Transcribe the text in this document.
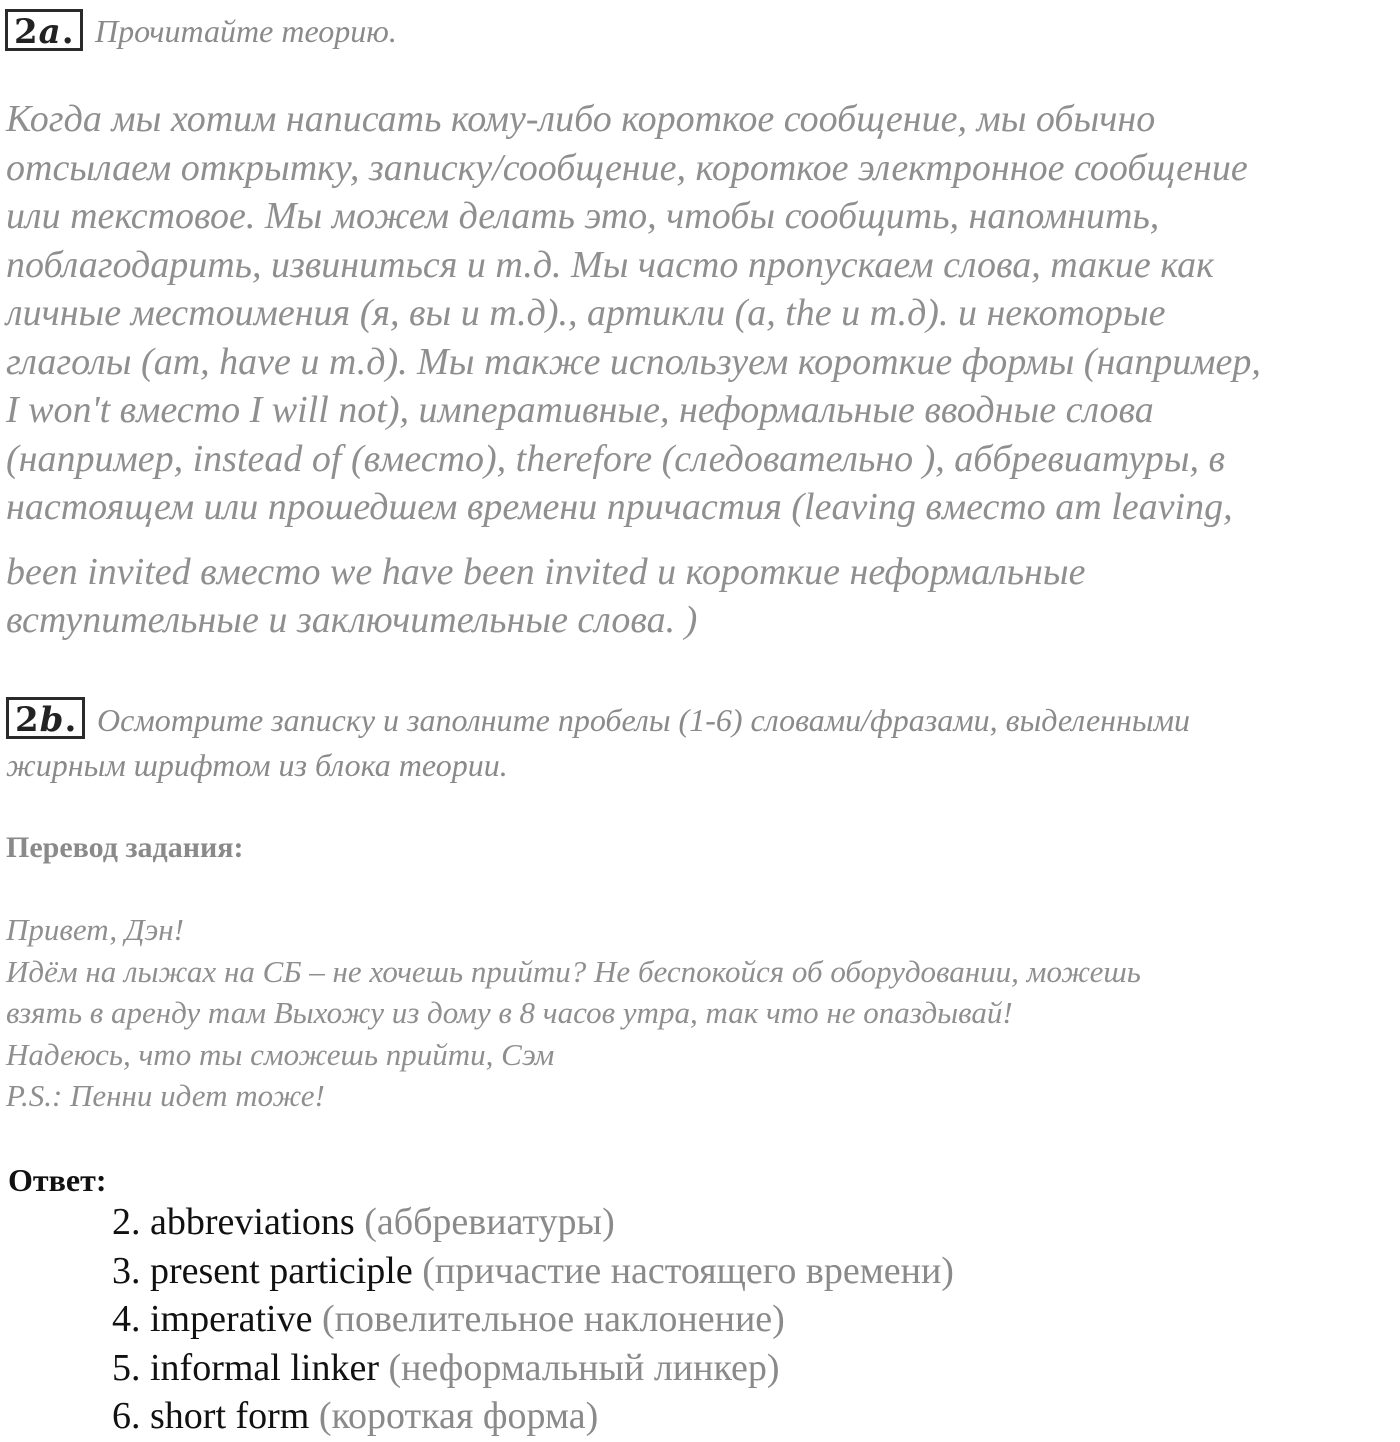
2a. Прочитайте теорию.
Когда мы хотим написать кому-либо короткое сообщение, мы обычно
отсылаем открытку, записку/сообщение, короткое электронное сообщение
или текстовое. Мы можем делать это, чтобы сообщить, напомнить,
поблагодарить, извиниться и т.д. Мы часто пропускаем слова, такие как
личные местоимения (я, вы и т.д)., артикли (a, the и т.д). и некоторые
глаголы (am, have и т.д). Мы также используем короткие формы (например,
I won't вместо I will not), императивные, неформальные вводные слова
(например, instead of (вместо), therefore (следовательно ), аббревиатуры, в
настоящем или прошедшем времени причастия (leaving вместо am leaving,
been invited вместо we have been invited и короткие неформальные
вступительные и заключительные слова. )
2b. Осмотрите записку и заполните пробелы (1-6) словами/фразами, выделенными
жирным шрифтом из блока теории.
Перевод задания:
Привет, Дэн!
Идём на лыжах на СБ – не хочешь прийти? Не беспокойся об оборудовании, можешь
взять в аренду там Выхожу из дому в 8 часов утра, так что не опаздывай!
Надеюсь, что ты сможешь прийти, Сэм
P.S.: Пенни идет тоже!
Ответ:
2. abbreviations (аббревиатуры)
3. present participle (причастие настоящего времени)
4. imperative (повелительное наклонение)
5. informal linker (неформальный линкер)
6. short form (короткая форма)
